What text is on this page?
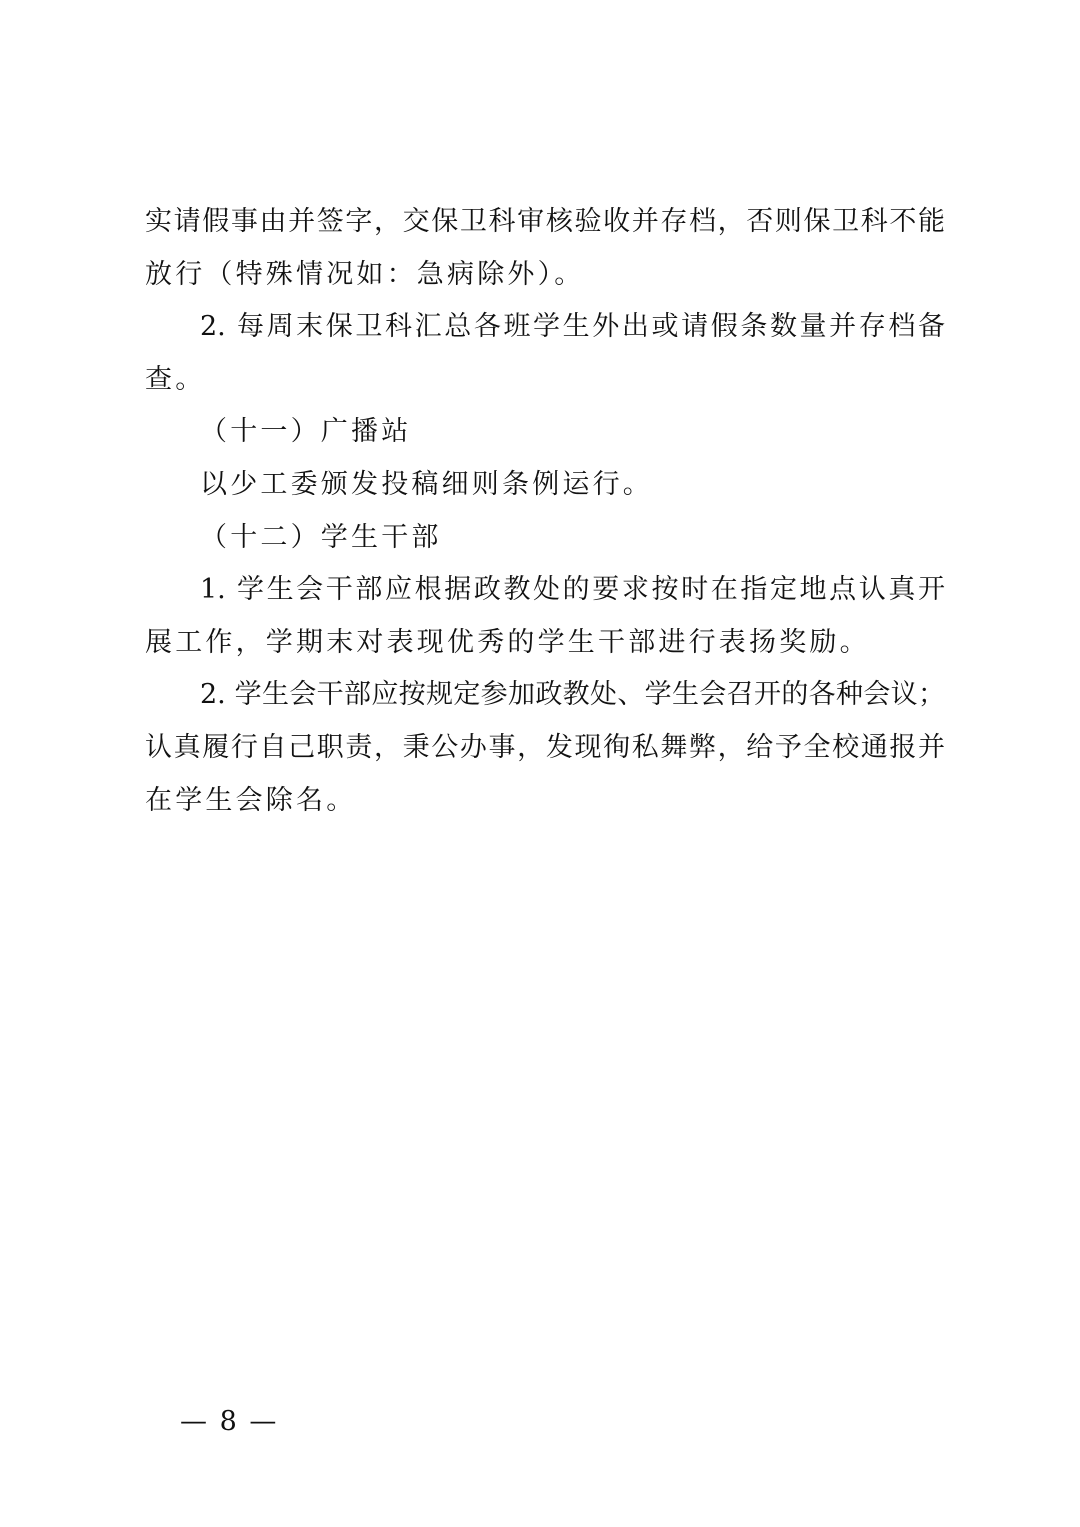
实请假事由并签字，交保卫科审核验收并存档，否则保卫科不能
放行（特殊情况如：急病除外）。
2. 每周末保卫科汇总各班学生外出或请假条数量并存档备
查。
（十一）广播站
以少工委颁发投稿细则条例运行。
（十二）学生干部
1. 学生会干部应根据政教处的要求按时在指定地点认真开
展工作，学期末对表现优秀的学生干部进行表扬奖励。
2. 学生会干部应按规定参加政教处、学生会召开的各种会议；
认真履行自己职责，秉公办事，发现徇私舞弊，给予全校通报并
在学生会除名。
— 8 —
